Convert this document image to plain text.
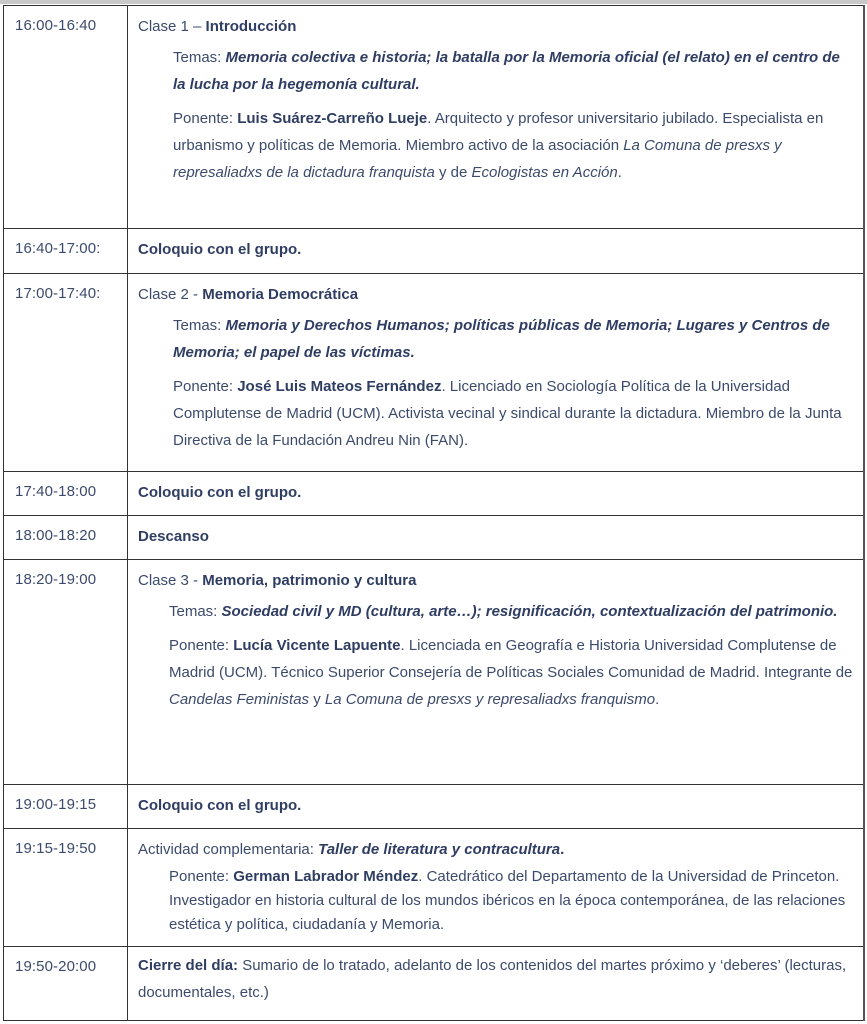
16:00-16:40	Clase 1 – Introducción
Temas: Memoria colectiva e historia; la batalla por la Memoria oficial (el relato) en el centro de la lucha por la hegemonía cultural.
Ponente: Luis Suárez-Carreño Lueje. Arquitecto y profesor universitario jubilado. Especialista en urbanismo y políticas de Memoria. Miembro activo de la asociación La Comuna de presxs y represaliadxs de la dictadura franquista y de Ecologistas en Acción.
16:40-17:00:	Coloquio con el grupo.
17:00-17:40:	Clase 2 - Memoria Democrática
Temas: Memoria y Derechos Humanos; políticas públicas de Memoria; Lugares y Centros de Memoria; el papel de las víctimas.
Ponente: José Luis Mateos Fernández. Licenciado en Sociología Política de la Universidad Complutense de Madrid (UCM). Activista vecinal y sindical durante la dictadura. Miembro de la Junta Directiva de la Fundación Andreu Nin (FAN).
17:40-18:00	Coloquio con el grupo.
18:00-18:20	Descanso
18:20-19:00	Clase 3 - Memoria, patrimonio y cultura
Temas: Sociedad civil y MD (cultura, arte…); resignificación, contextualización del patrimonio.
Ponente: Lucía Vicente Lapuente. Licenciada en Geografía e Historia Universidad Complutense de Madrid (UCM). Técnico Superior Consejería de Políticas Sociales Comunidad de Madrid. Integrante de Candelas Feministas y La Comuna de presxs y represaliadxs franquismo.
19:00-19:15	Coloquio con el grupo.
19:15-19:50	Actividad complementaria: Taller de literatura y contracultura.
Ponente: German Labrador Méndez. Catedrático del Departamento de la Universidad de Princeton. Investigador en historia cultural de los mundos ibéricos en la época contemporánea, de las relaciones estética y política, ciudadanía y Memoria.
19:50-20:00	Cierre del día: Sumario de lo tratado, adelanto de los contenidos del martes próximo y ‘deberes’ (lecturas, documentales, etc.)
